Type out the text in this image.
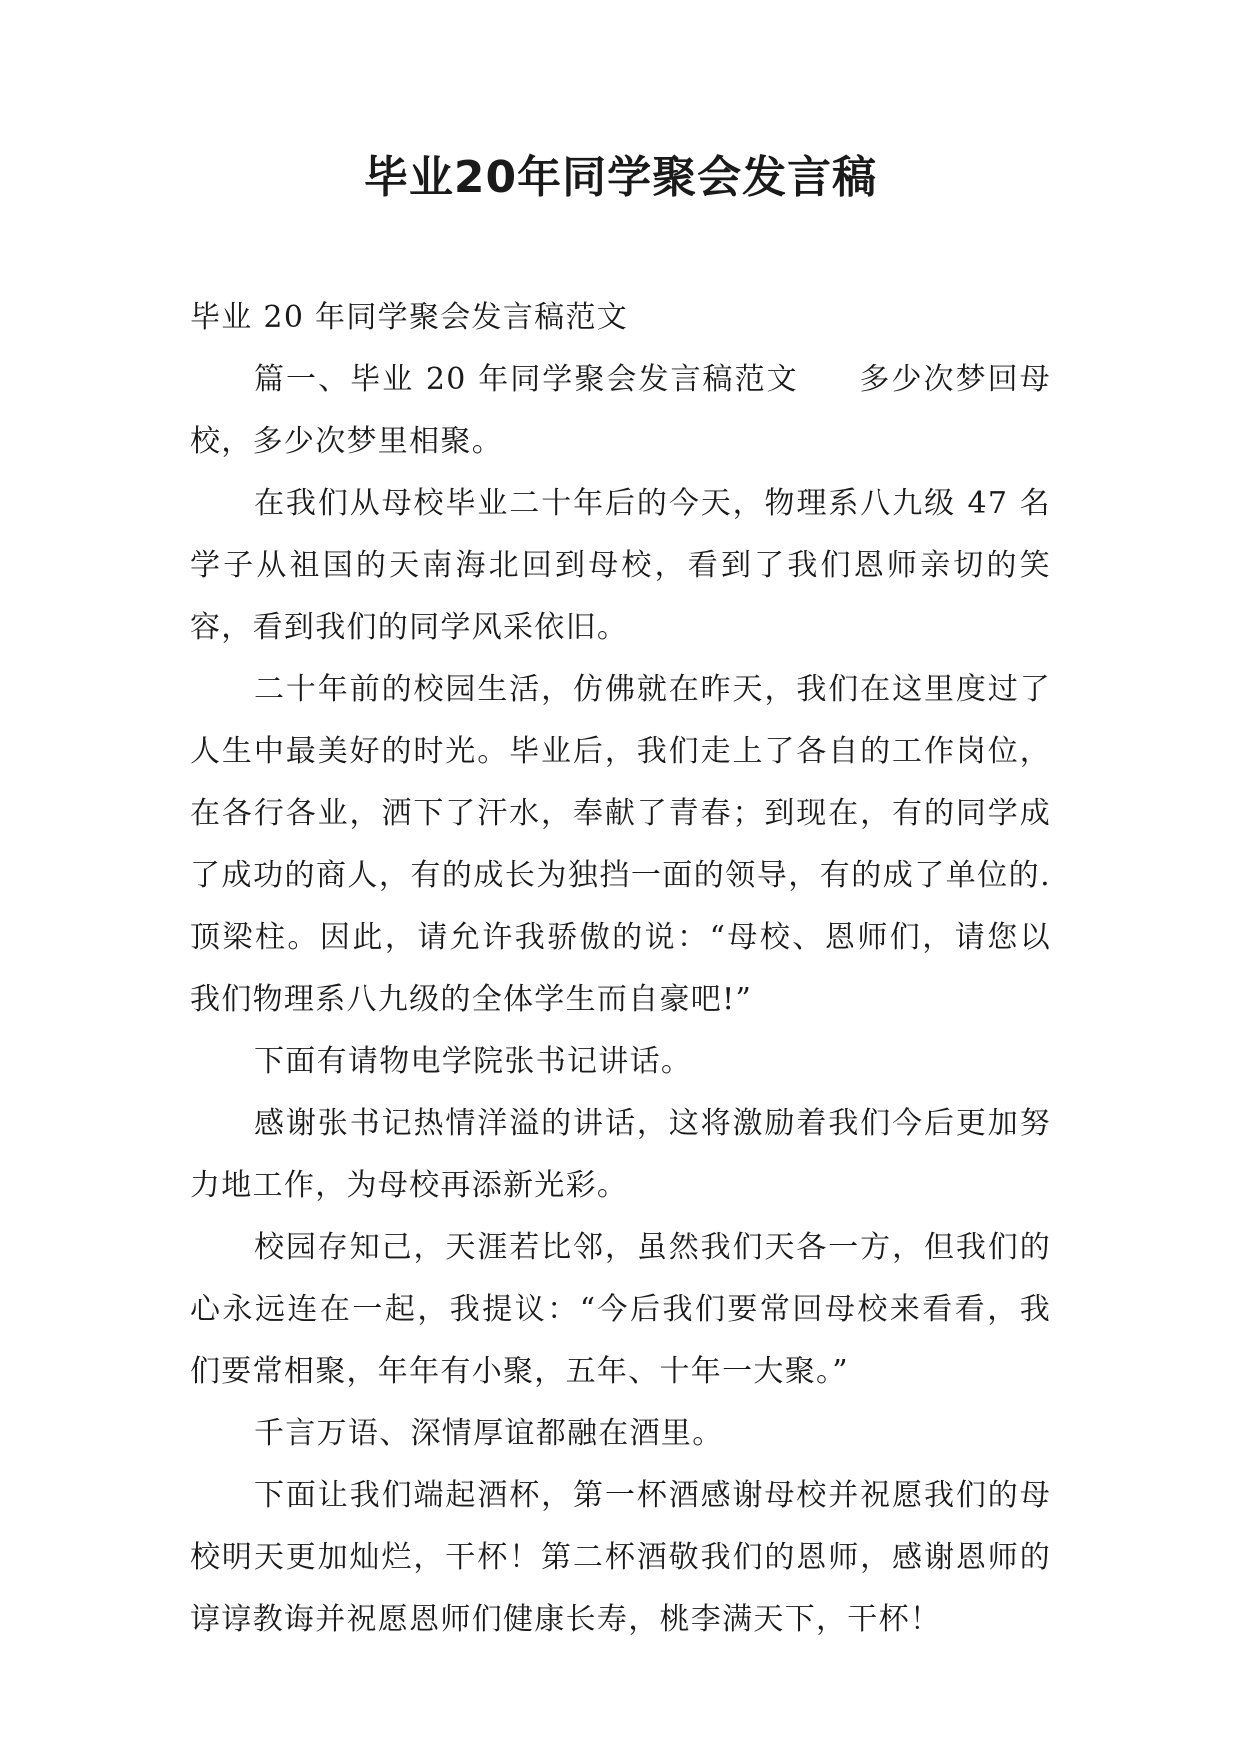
毕业20年同学聚会发言稿

毕业 20 年同学聚会发言稿范文

篇一、毕业 20 年同学聚会发言稿范文 多少次梦回母校，多少次梦里相聚。

在我们从母校毕业二十年后的今天，物理系八九级 47 名学子从祖国的天南海北回到母校，看到了我们恩师亲切的笑容，看到我们的同学风采依旧。

二十年前的校园生活，仿佛就在昨天，我们在这里度过了人生中最美好的时光。毕业后，我们走上了各自的工作岗位，在各行各业，洒下了汗水，奉献了青春；到现在，有的同学成了成功的商人，有的成长为独挡一面的领导，有的成了单位的.顶梁柱。因此，请允许我骄傲的说：“母校、恩师们，请您以我们物理系八九级的全体学生而自豪吧!”

下面有请物电学院张书记讲话。

感谢张书记热情洋溢的讲话，这将激励着我们今后更加努力地工作，为母校再添新光彩。

校园存知己，天涯若比邻，虽然我们天各一方，但我们的心永远连在一起，我提议：“今后我们要常回母校来看看，我们要常相聚，年年有小聚，五年、十年一大聚。”

千言万语、深情厚谊都融在酒里。

下面让我们端起酒杯，第一杯酒感谢母校并祝愿我们的母校明天更加灿烂，干杯！第二杯酒敬我们的恩师，感谢恩师的谆谆教诲并祝愿恩师们健康长寿，桃李满天下，干杯！
